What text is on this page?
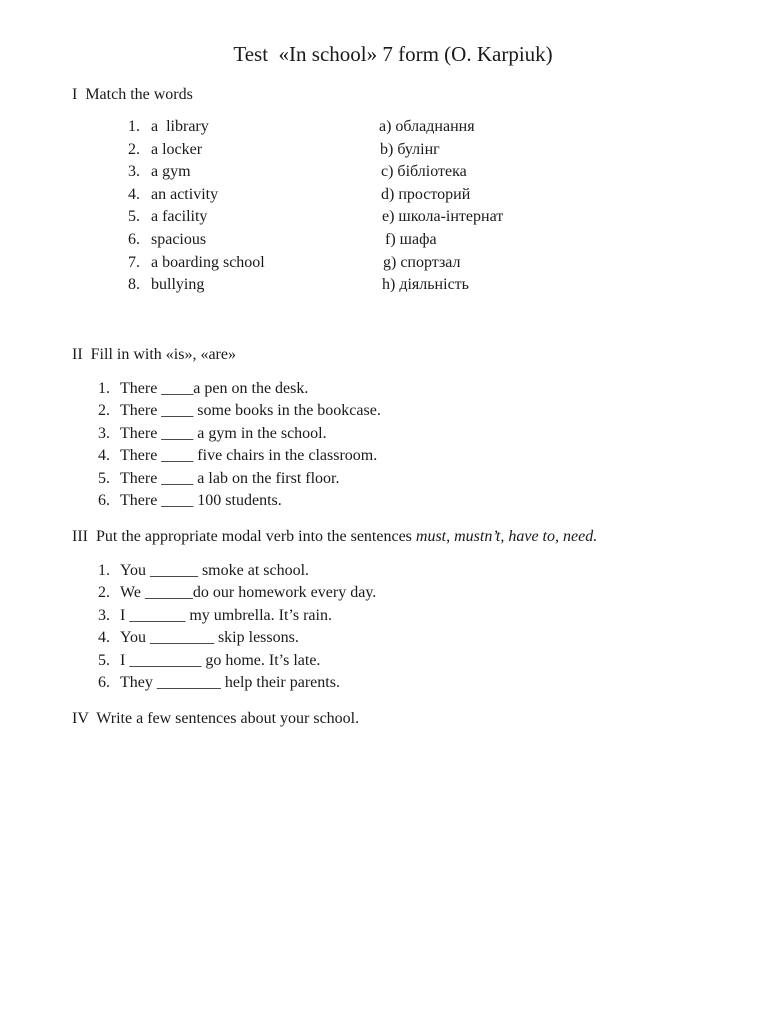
Test  «In school» 7 form (O. Karpiuk)
I  Match the words
1. a  library	a) обладнання
2. a locker	b) булінг
3. a gym	c) бібліотека
4. an activity	d) просторий
5. a facility	e) школа-інтернат
6. spacious	f) шафа
7. a boarding school	g) спортзал
8. bullying	h) діяльність
II  Fill in with «is», «are»
1. There ____a pen on the desk.
2. There ____ some books in the bookcase.
3. There ____ a gym in the school.
4. There ____ five chairs in the classroom.
5. There ____ a lab on the first floor.
6. There ____ 100 students.
III  Put the appropriate modal verb into the sentences must, mustn’t, have to, need.
1. You ______ smoke at school.
2. We ______do our homework every day.
3. I _______ my umbrella. It’s rain.
4. You ________ skip lessons.
5. I _________ go home. It’s late.
6. They ________ help their parents.
IV  Write a few sentences about your school.
